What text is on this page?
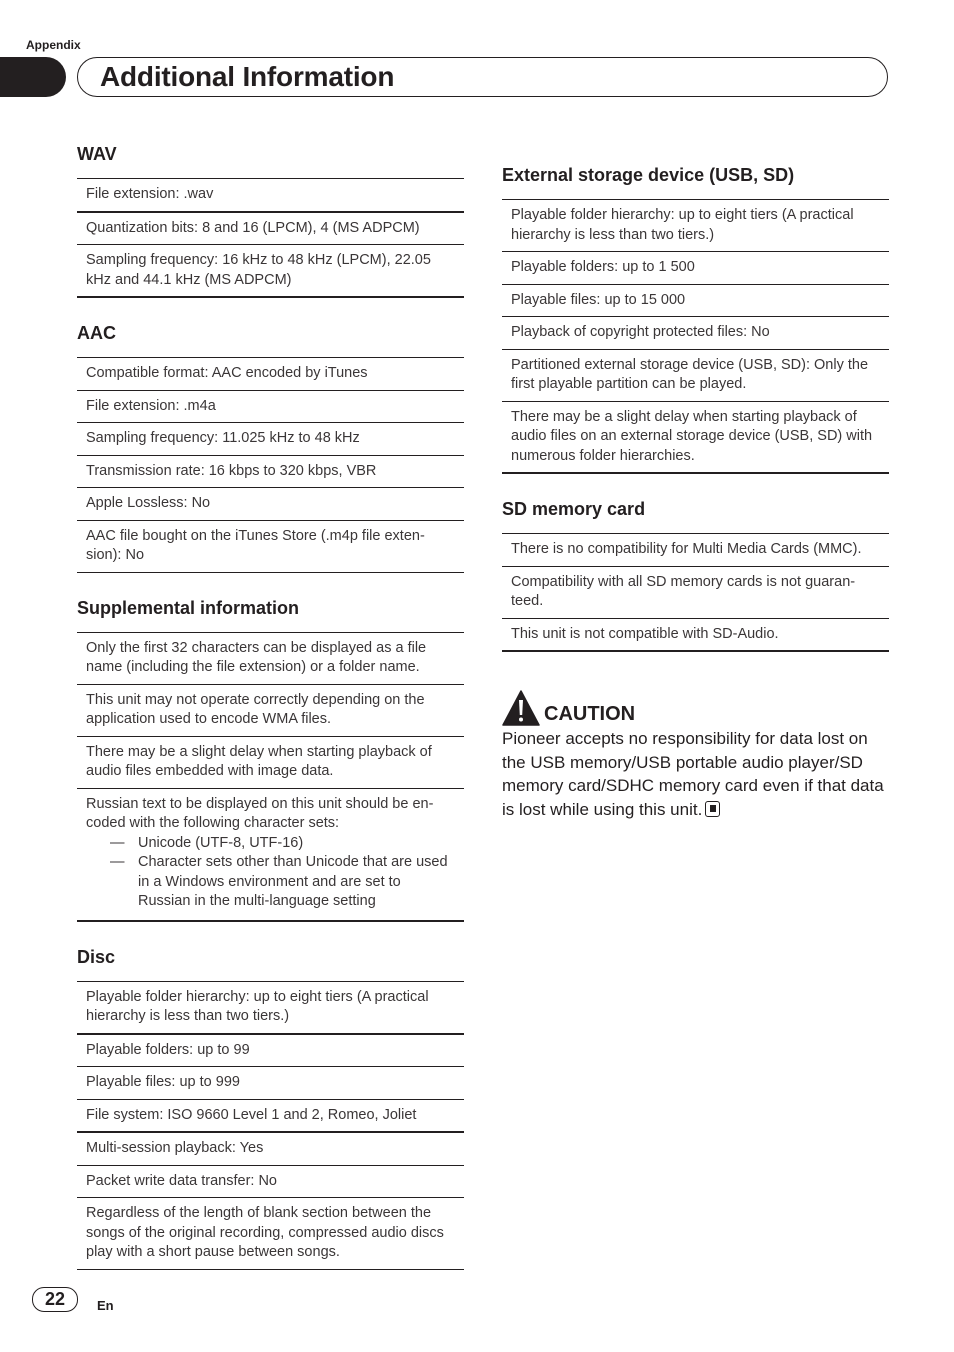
Appendix
Additional Information
WAV
File extension: .wav
Quantization bits: 8 and 16 (LPCM), 4 (MS ADPCM)
Sampling frequency: 16 kHz to 48 kHz (LPCM), 22.05 kHz and 44.1 kHz (MS ADPCM)
AAC
Compatible format: AAC encoded by iTunes
File extension: .m4a
Sampling frequency: 11.025 kHz to 48 kHz
Transmission rate: 16 kbps to 320 kbps, VBR
Apple Lossless: No
AAC file bought on the iTunes Store (.m4p file exten-sion): No
Supplemental information
Only the first 32 characters can be displayed as a file name (including the file extension) or a folder name.
This unit may not operate correctly depending on the application used to encode WMA files.
There may be a slight delay when starting playback of audio files embedded with image data.

Russian text to be displayed on this unit should be en-coded with the following character sets:
— Unicode (UTF-8, UTF-16)
— Character sets other than Unicode that are used in a Windows environment and are set to Russian in the multi-language setting
Disc
Playable folder hierarchy: up to eight tiers (A practical hierarchy is less than two tiers.)
Playable folders: up to 99
Playable files: up to 999
File system: ISO 9660 Level 1 and 2, Romeo, Joliet
Multi-session playback: Yes
Packet write data transfer: No
Regardless of the length of blank section between the songs of the original recording, compressed audio discs play with a short pause between songs.
External storage device (USB, SD)
Playable folder hierarchy: up to eight tiers (A practical hierarchy is less than two tiers.)
Playable folders: up to 1 500
Playable files: up to 15 000
Playback of copyright protected files: No
Partitioned external storage device (USB, SD): Only the first playable partition can be played.
There may be a slight delay when starting playback of audio files on an external storage device (USB, SD) with numerous folder hierarchies.
SD memory card
There is no compatibility for Multi Media Cards (MMC).
Compatibility with all SD memory cards is not guaran-teed.
This unit is not compatible with SD-Audio.
CAUTION
Pioneer accepts no responsibility for data lost on the USB memory/USB portable audio player/SD memory card/SDHC memory card even if that data is lost while using this unit.
22	En
